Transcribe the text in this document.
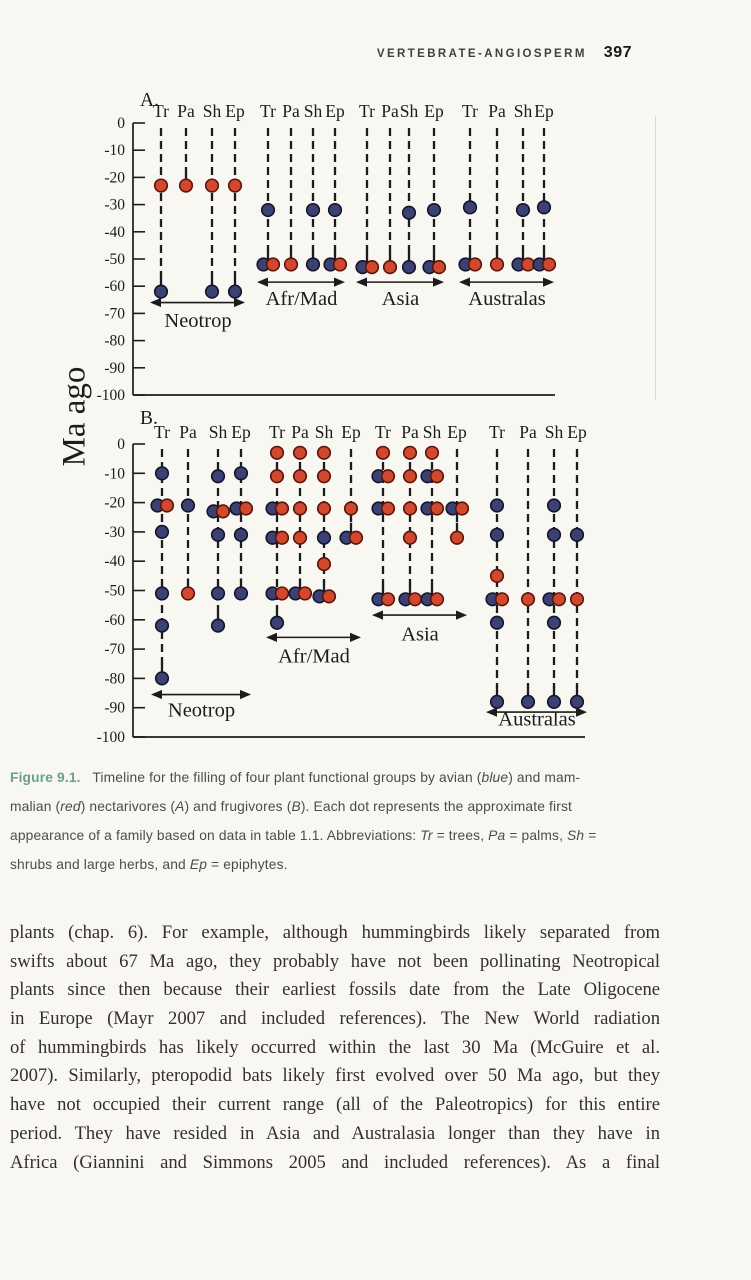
VERTEBRATE-ANGIOSPERM 397
Ma ago
A.
0
-10
-20
-30
-40
-50
-60
-70
-80
-90
-100
Tr Pa Sh Ep
Neotrop
Tr Pa Sh Ep
Afr/Mad
Tr Pa Sh Ep
Asia
Tr Pa Sh Ep
Australas
B.
0
-10
-20
-30
-40
-50
-60
-70
-80
-90
-100
Tr Pa Sh Ep
Neotrop
Tr Pa Sh Ep
Afr/Mad
Tr Pa Sh Ep
Asia
Tr Pa Sh Ep
Australas
Figure 9.1.   Timeline for the filling of four plant functional groups by avian (blue) and mam-
malian (red) nectarivores (A) and frugivores (B). Each dot represents the approximate first
appearance of a family based on data in table 1.1. Abbreviations: Tr = trees, Pa = palms, Sh =
shrubs and large herbs, and Ep = epiphytes.
plants (chap. 6). For example, although hummingbirds likely separated from
swifts about 67 Ma ago, they probably have not been pollinating Neotropical
plants since then because their earliest fossils date from the Late Oligocene
in Europe (Mayr 2007 and included references). The New World radiation
of hummingbirds has likely occurred within the last 30 Ma (McGuire et al.
2007). Similarly, pteropodid bats likely first evolved over 50 Ma ago, but they
have not occupied their current range (all of the Paleotropics) for this entire
period. They have resided in Asia and Australasia longer than they have in
Africa (Giannini and Simmons 2005 and included references). As a final
